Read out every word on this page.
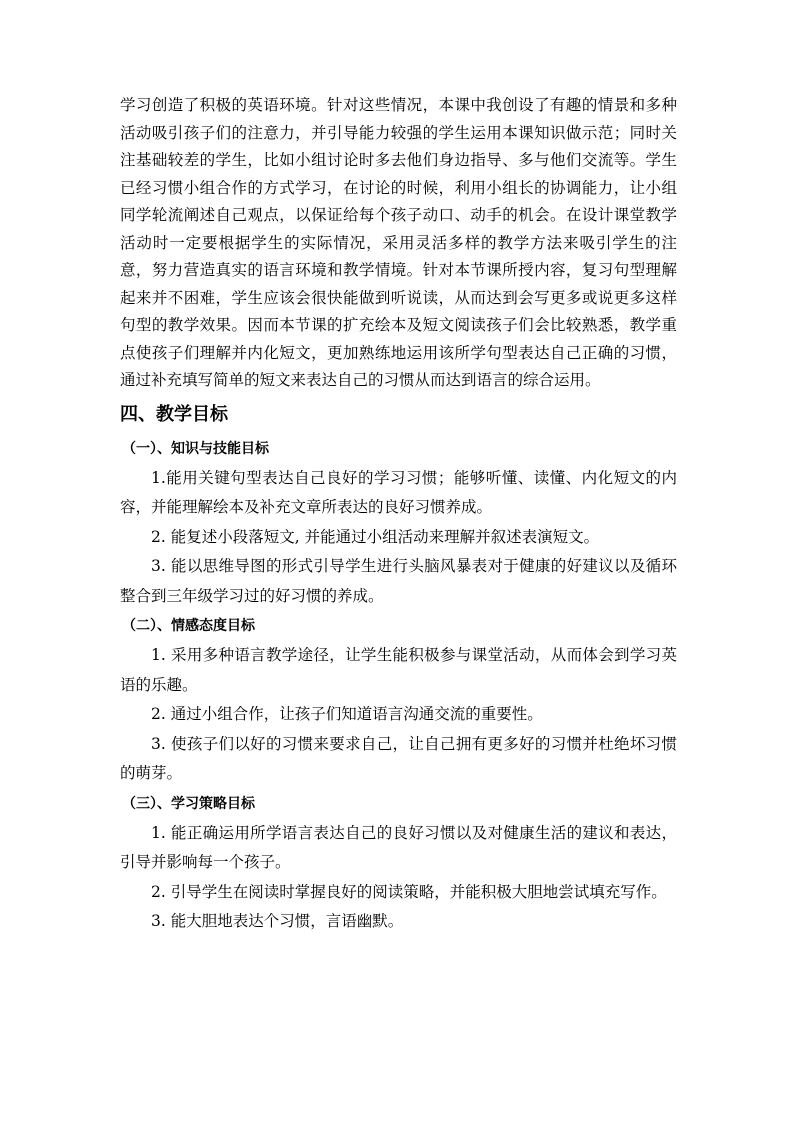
学习创造了积极的英语环境。针对这些情况，本课中我创设了有趣的情景和多种活动吸引孩子们的注意力，并引导能力较强的学生运用本课知识做示范；同时关注基础较差的学生，比如小组讨论时多去他们身边指导、多与他们交流等。学生已经习惯小组合作的方式学习，在讨论的时候，利用小组长的协调能力，让小组同学轮流阐述自己观点，以保证给每个孩子动口、动手的机会。在设计课堂教学活动时一定要根据学生的实际情况，采用灵活多样的教学方法来吸引学生的注意，努力营造真实的语言环境和教学情境。针对本节课所授内容，复习句型理解起来并不困难，学生应该会很快能做到听说读，从而达到会写更多或说更多这样句型的教学效果。因而本节课的扩充绘本及短文阅读孩子们会比较熟悉，教学重点使孩子们理解并内化短文，更加熟练地运用该所学句型表达自己正确的习惯，通过补充填写简单的短文来表达自己的习惯从而达到语言的综合运用。

四、教学目标
（一）、知识与技能目标

1.能用关键句型表达自己良好的学习习惯；能够听懂、读懂、内化短文的内容，并能理解绘本及补充文章所表达的良好习惯养成。

2. 能复述小段落短文, 并能通过小组活动来理解并叙述表演短文。

3. 能以思维导图的形式引导学生进行头脑风暴表对于健康的好建议以及循环整合到三年级学习过的好习惯的养成。

（二）、情感态度目标

1. 采用多种语言教学途径，让学生能积极参与课堂活动，从而体会到学习英语的乐趣。

2. 通过小组合作，让孩子们知道语言沟通交流的重要性。

3. 使孩子们以好的习惯来要求自己，让自己拥有更多好的习惯并杜绝坏习惯的萌芽。

（三）、学习策略目标

1. 能正确运用所学语言表达自己的良好习惯以及对健康生活的建议和表达，引导并影响每一个孩子。

2. 引导学生在阅读时掌握良好的阅读策略，并能积极大胆地尝试填充写作。

3. 能大胆地表达个习惯，言语幽默。
